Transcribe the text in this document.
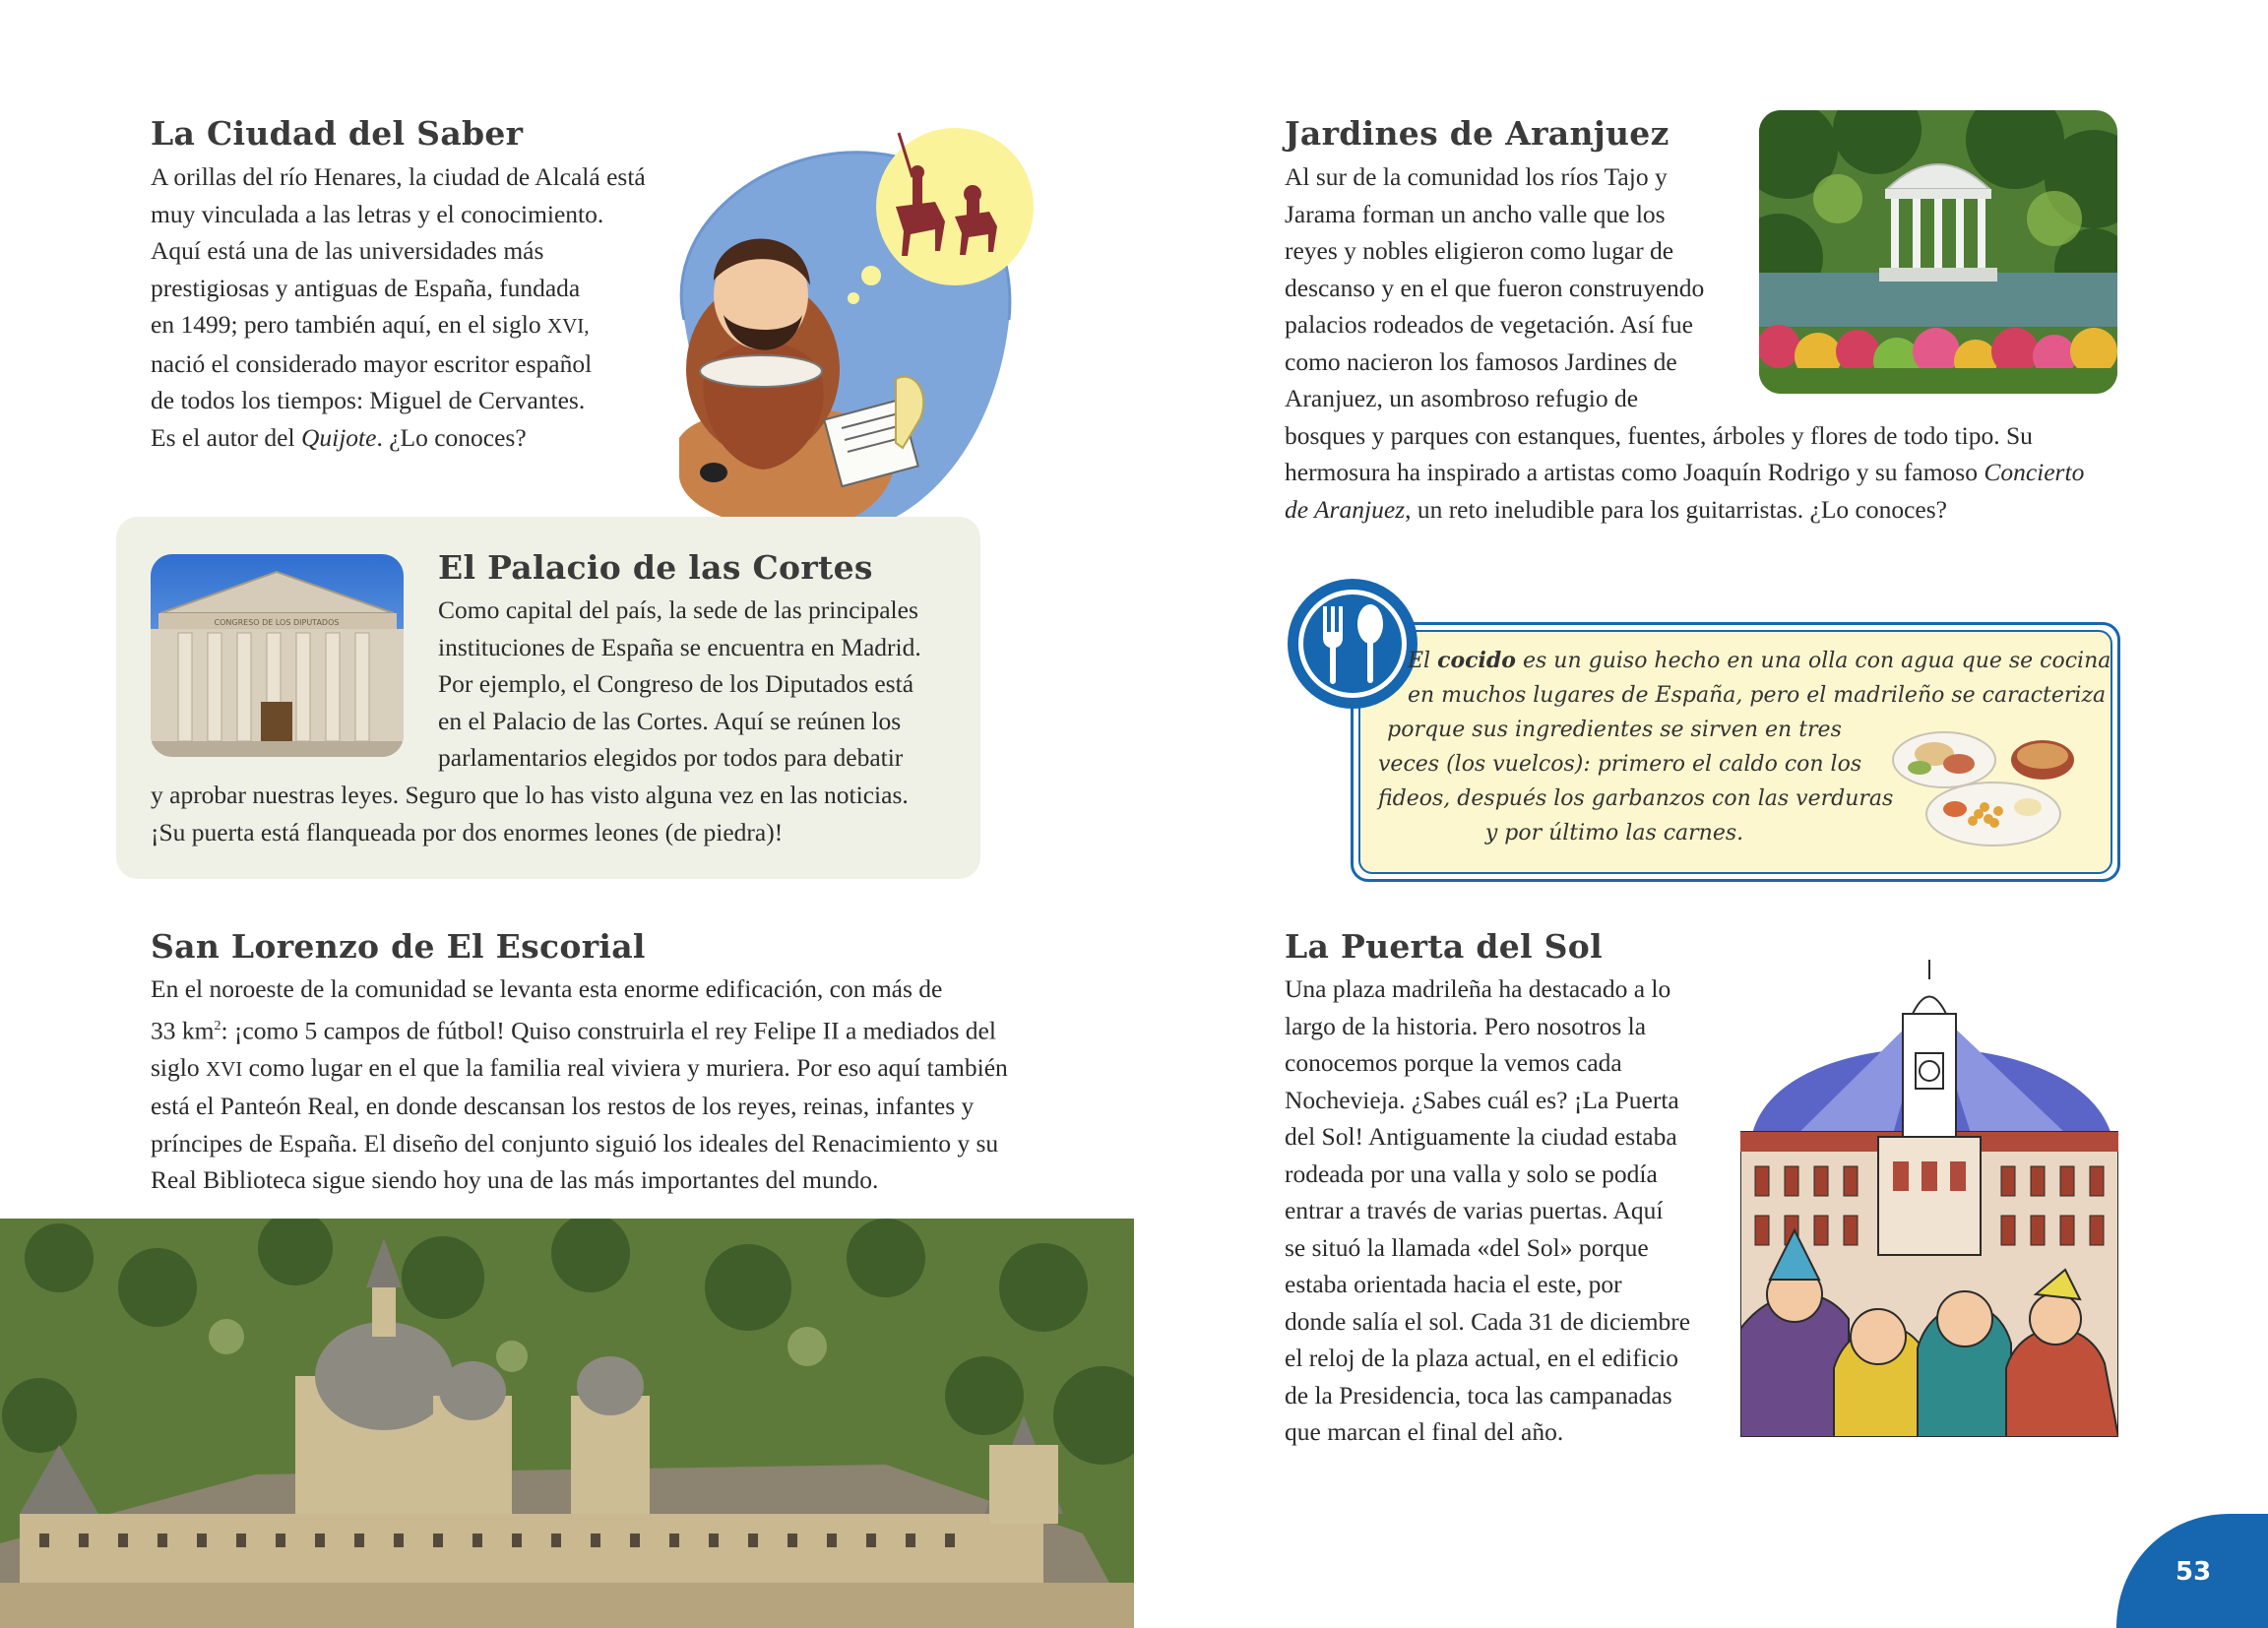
La Ciudad del Saber

A orillas del río Henares, la ciudad de Alcalá está
muy vinculada a las letras y el conocimiento.
Aquí está una de las universidades más
prestigiosas y antiguas de España, fundada
en 1499; pero también aquí, en el siglo XVI,
nació el considerado mayor escritor español
de todos los tiempos: Miguel de Cervantes.
Es el autor del Quijote. ¿Lo conoces?

CONGRESO DE LOS DIPUTADOS
El Palacio de las Cortes

Como capital del país, la sede de las principales
instituciones de España se encuentra en Madrid.
Por ejemplo, el Congreso de los Diputados está
en el Palacio de las Cortes. Aquí se reúnen los
parlamentarios elegidos por todos para debatir

y aprobar nuestras leyes. Seguro que lo has visto alguna vez en las noticias.
¡Su puerta está flanqueada por dos enormes leones (de piedra)!

San Lorenzo de El Escorial

En el noroeste de la comunidad se levanta esta enorme edificación, con más de
33 $km^2$: ¡como 5 campos de fútbol! Quiso construirla el rey Felipe II a mediados del
siglo XVI como lugar en el que la familia real viviera y muriera. Por eso aquí también
está el Panteón Real, en donde descansan los restos de los reyes, reinas, infantes y
príncipes de España. El diseño del conjunto siguió los ideales del Renacimiento y su
Real Biblioteca sigue siendo hoy una de las más importantes del mundo.

Jardines de Aranjuez

Al sur de la comunidad los ríos Tajo y
Jarama forman un ancho valle que los
reyes y nobles eligieron como lugar de
descanso y en el que fueron construyendo
palacios rodeados de vegetación. Así fue
como nacieron los famosos Jardines de
Aranjuez, un asombroso refugio de
bosques y parques con estanques, fuentes, árboles y flores de todo tipo. Su
hermosura ha inspirado a artistas como Joaquín Rodrigo y su famoso Concierto
de Aranjuez, un reto ineludible para los guitarristas. ¿Lo conoces?

El cocido es un guiso hecho en una olla con agua que se cocina
en muchos lugares de España, pero el madrileño se caracteriza
porque sus ingredientes se sirven en tres
veces (los vuelcos): primero el caldo con los
fideos, después los garbanzos con las verduras
y por último las carnes.
La Puerta del Sol

Una plaza madrileña ha destacado a lo
largo de la historia. Pero nosotros la
conocemos porque la vemos cada
Nochevieja. ¿Sabes cuál es? ¡La Puerta
del Sol! Antiguamente la ciudad estaba
rodeada por una valla y solo se podía
entrar a través de varias puertas. Aquí
se situó la llamada «del Sol» porque
estaba orientada hacia el este, por
donde salía el sol. Cada 31 de diciembre
el reloj de la plaza actual, en el edificio
de la Presidencia, toca las campanadas
que marcan el final del año.

53
